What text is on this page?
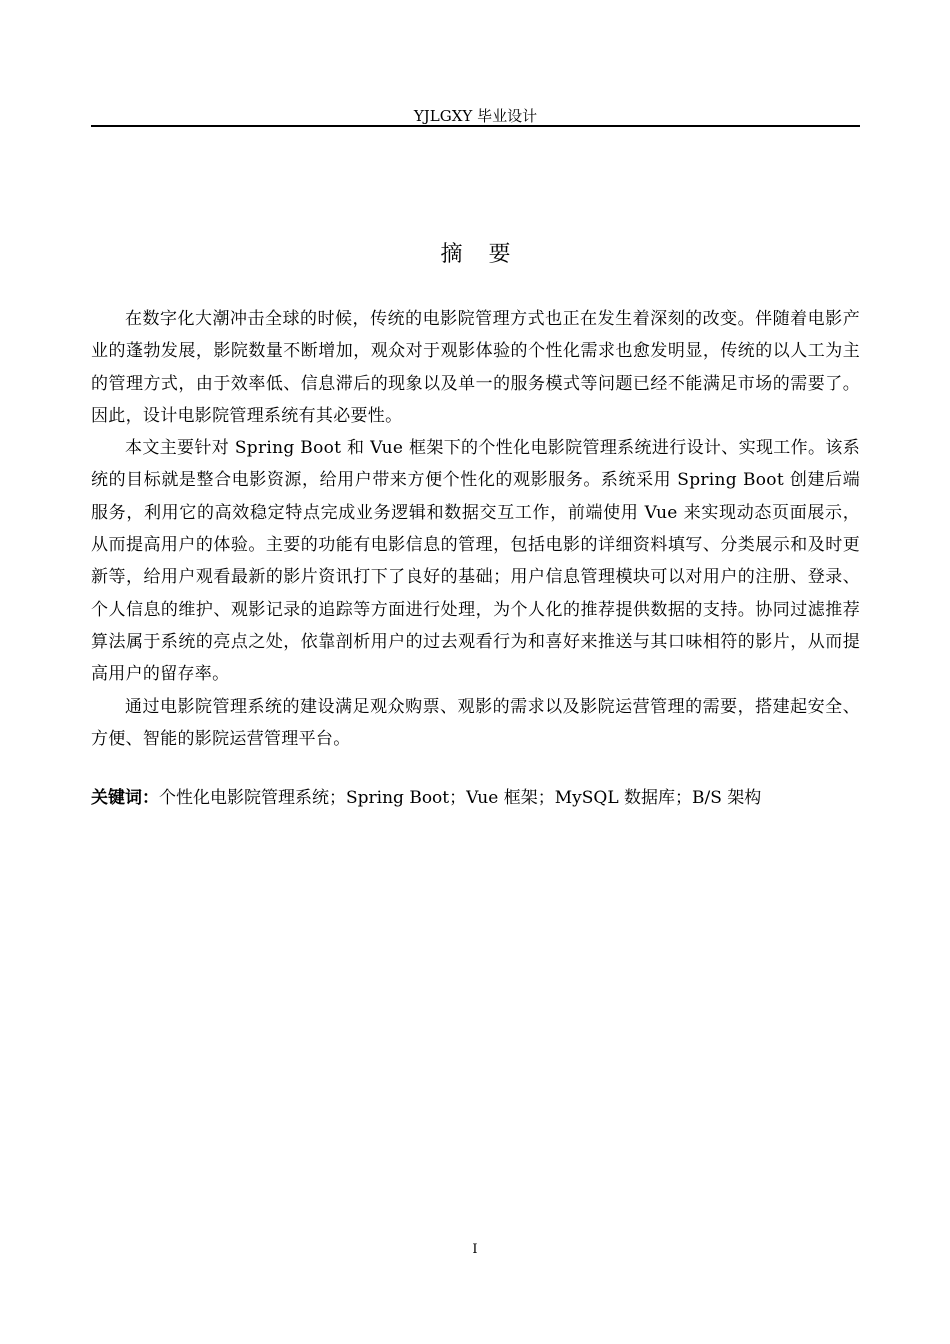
YJLGXY 毕业设计
摘要

在数字化大潮冲击全球的时候，传统的电影院管理方式也正在发生着深刻的改变。伴随着电影产业的蓬勃发展，影院数量不断增加，观众对于观影体验的个性化需求也愈发明显，传统的以人工为主的管理方式，由于效率低、信息滞后的现象以及单一的服务模式等问题已经不能满足市场的需要了。因此，设计电影院管理系统有其必要性。

本文主要针对 Spring Boot 和 Vue 框架下的个性化电影院管理系统进行设计、实现工作。该系统的目标就是整合电影资源，给用户带来方便个性化的观影服务。系统采用 Spring Boot 创建后端服务，利用它的高效稳定特点完成业务逻辑和数据交互工作，前端使用 Vue 来实现动态页面展示，从而提高用户的体验。主要的功能有电影信息的管理，包括电影的详细资料填写、分类展示和及时更新等，给用户观看最新的影片资讯打下了良好的基础；用户信息管理模块可以对用户的注册、登录、个人信息的维护、观影记录的追踪等方面进行处理，为个人化的推荐提供数据的支持。协同过滤推荐算法属于系统的亮点之处，依靠剖析用户的过去观看行为和喜好来推送与其口味相符的影片，从而提高用户的留存率。

通过电影院管理系统的建设满足观众购票、观影的需求以及影院运营管理的需要，搭建起安全、方便、智能的影院运营管理平台。

关键词：个性化电影院管理系统；Spring Boot；Vue 框架；MySQL 数据库；B/S 架构
I
